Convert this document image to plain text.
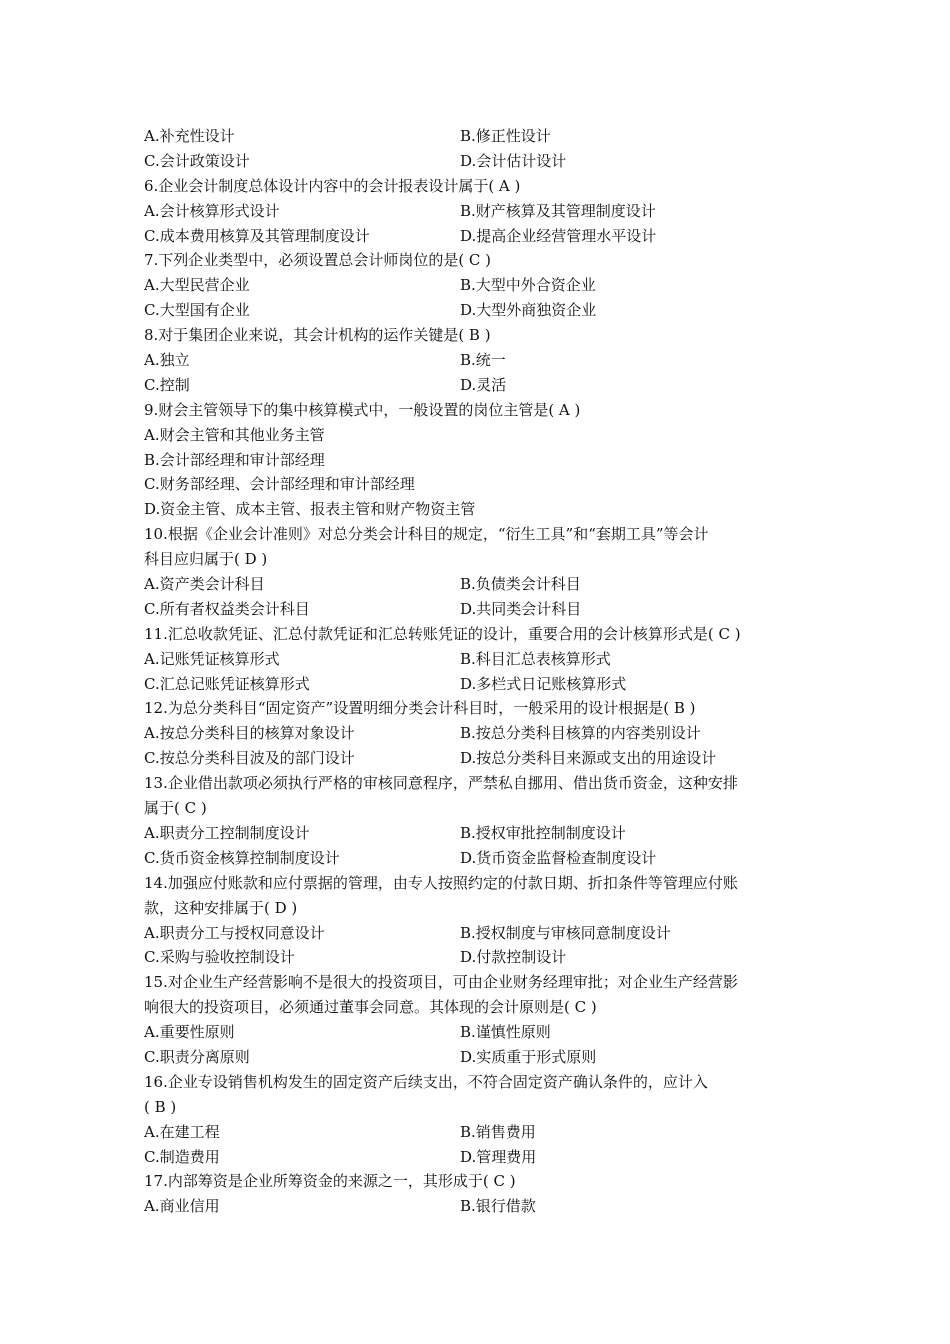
A.补充性设计	B.修正性设计
C.会计政策设计	D.会计估计设计
6.企业会计制度总体设计内容中的会计报表设计属于( A )
A.会计核算形式设计	B.财产核算及其管理制度设计
C.成本费用核算及其管理制度设计	D.提高企业经营管理水平设计
7.下列企业类型中，必须设置总会计师岗位的是( C )
A.大型民营企业	B.大型中外合资企业
C.大型国有企业	D.大型外商独资企业
8.对于集团企业来说，其会计机构的运作关键是( B )
A.独立	B.统一
C.控制	D.灵活
9.财会主管领导下的集中核算模式中，一般设置的岗位主管是( A )
A.财会主管和其他业务主管
B.会计部经理和审计部经理
C.财务部经理、会计部经理和审计部经理
D.资金主管、成本主管、报表主管和财产物资主管
10.根据《企业会计准则》对总分类会计科目的规定，“衍生工具”和“套期工具”等会计
科目应归属于( D )
A.资产类会计科目	B.负债类会计科目
C.所有者权益类会计科目	D.共同类会计科目
11.汇总收款凭证、汇总付款凭证和汇总转账凭证的设计，重要合用的会计核算形式是( C )
A.记账凭证核算形式	B.科目汇总表核算形式
C.汇总记账凭证核算形式	D.多栏式日记账核算形式
12.为总分类科目“固定资产”设置明细分类会计科目时，一般采用的设计根据是( B )
A.按总分类科目的核算对象设计	B.按总分类科目核算的内容类别设计
C.按总分类科目波及的部门设计	D.按总分类科目来源或支出的用途设计
13.企业借出款项必须执行严格的审核同意程序，严禁私自挪用、借出货币资金，这种安排
属于( C )
A.职责分工控制制度设计	B.授权审批控制制度设计
C.货币资金核算控制制度设计	D.货币资金监督检查制度设计
14.加强应付账款和应付票据的管理，由专人按照约定的付款日期、折扣条件等管理应付账
款，这种安排属于( D )
A.职责分工与授权同意设计	B.授权制度与审核同意制度设计
C.采购与验收控制设计	D.付款控制设计
15.对企业生产经营影响不是很大的投资项目，可由企业财务经理审批；对企业生产经营影
响很大的投资项目，必须通过董事会同意。其体现的会计原则是( C )
A.重要性原则	B.谨慎性原则
C.职责分离原则	D.实质重于形式原则
16.企业专设销售机构发生的固定资产后续支出，不符合固定资产确认条件的，应计入
( B )
A.在建工程	B.销售费用
C.制造费用	D.管理费用
17.内部筹资是企业所筹资金的来源之一，其形成于( C )
A.商业信用	B.银行借款
